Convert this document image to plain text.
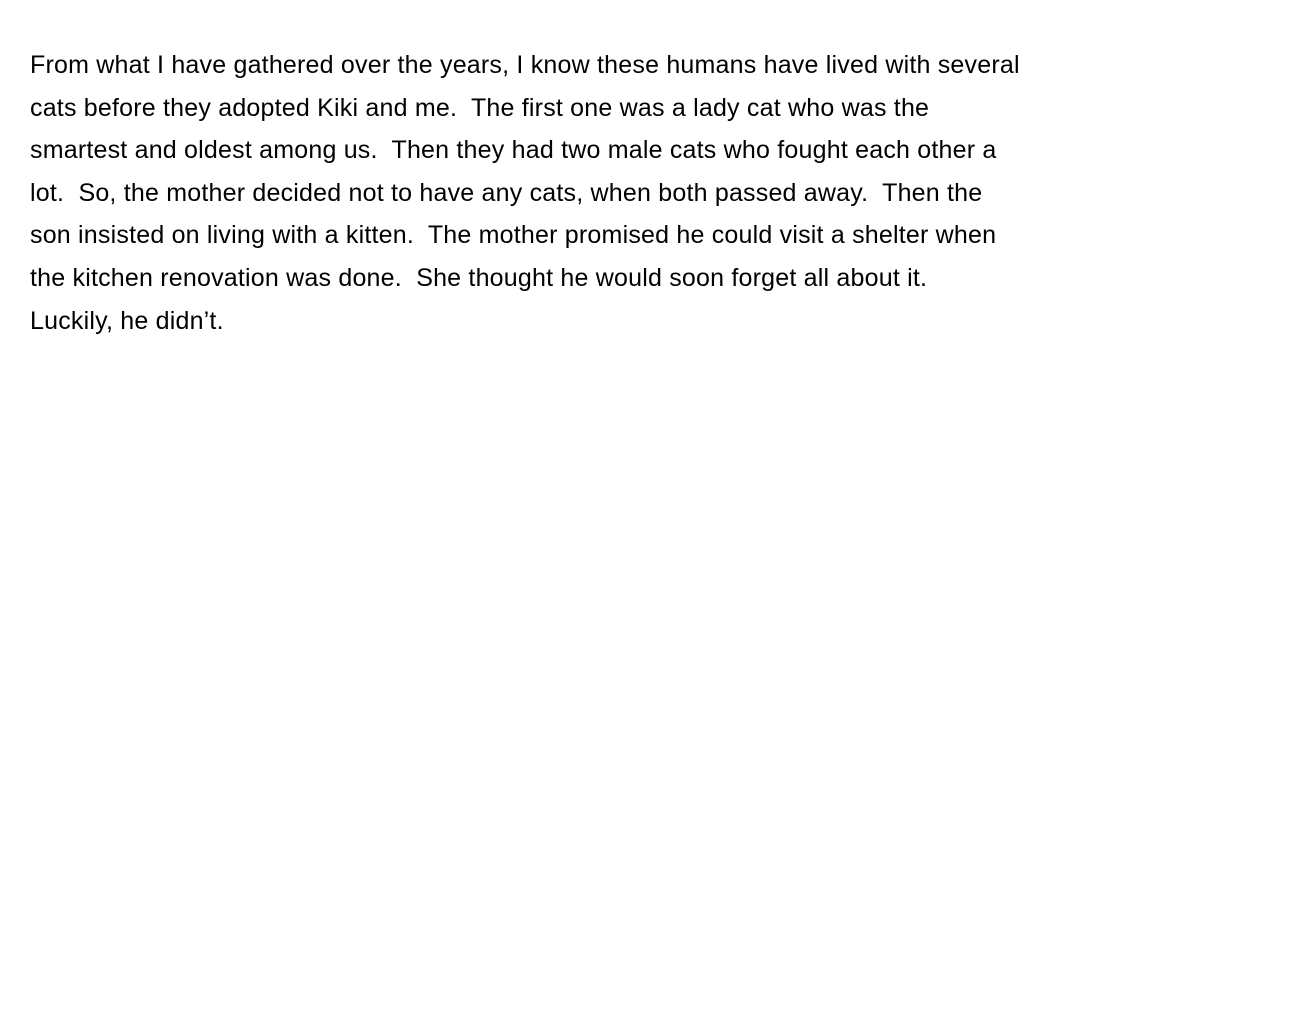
From what I have gathered over the years, I know these humans have lived with several
cats before they adopted Kiki and me.  The first one was a lady cat who was the
smartest and oldest among us.  Then they had two male cats who fought each other a
lot.  So, the mother decided not to have any cats, when both passed away.  Then the
son insisted on living with a kitten.  The mother promised he could visit a shelter when
the kitchen renovation was done.  She thought he would soon forget all about it.
Luckily, he didn’t.
